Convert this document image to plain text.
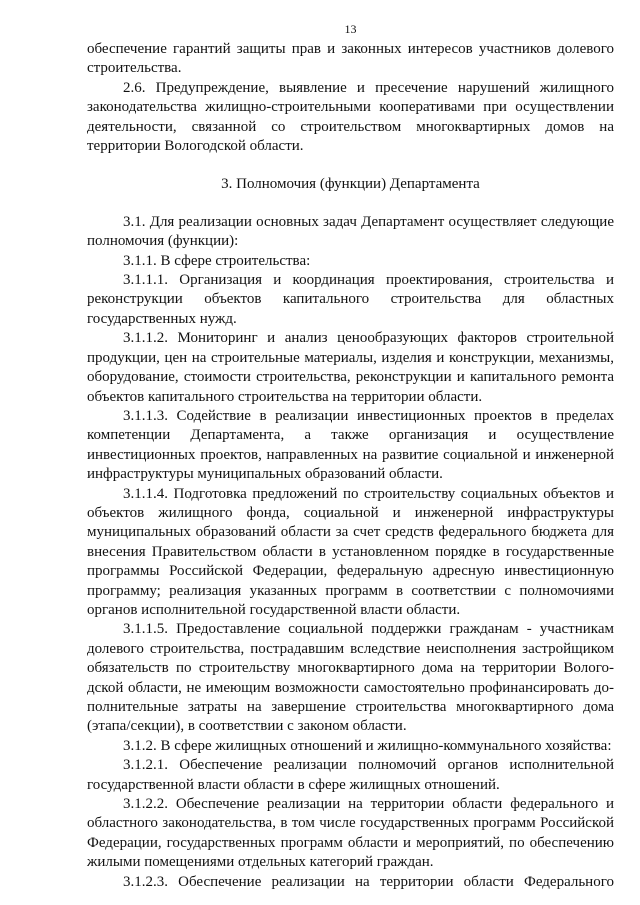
13

обеспечение гарантий защиты прав и законных интересов участников долевого строительства.

2.6. Предупреждение, выявление и пресечение нарушений жилищного законодательства жилищно-строительными кооперативами при осуществлении деятельности, связанной со строительством многоквартирных домов на территории Вологодской области.

3. Полномочия (функции) Департамента

3.1. Для реализации основных задач Департамент осуществляет следующие полномочия (функции):

3.1.1. В сфере строительства:

3.1.1.1. Организация и координация проектирования, строительства и реконструкции объектов капитального строительства для областных государственных нужд.

3.1.1.2. Мониторинг и анализ ценообразующих факторов строительной продукции, цен на строительные материалы, изделия и конструкции, механизмы, оборудование, стоимости строительства, реконструкции и капитального ремонта объектов капитального строительства на территории области.

3.1.1.3. Содействие в реализации инвестиционных проектов в пределах компетенции Департамента, а также организация и осуществление инвестиционных проектов, направленных на развитие социальной и инженерной инфраструктуры муниципальных образований области.

3.1.1.4. Подготовка предложений по строительству социальных объектов и объектов жилищного фонда, социальной и инженерной инфраструктуры муниципальных образований области за счет средств федерального бюджета для внесения Правительством области в установленном порядке в государственные программы Российской Федерации, федеральную адресную инвестиционную программу; реализация указанных программ в соответствии с полномочиями органов исполнительной государственной власти области.

3.1.1.5. Предоставление социальной поддержки гражданам - участникам долевого строительства, пострадавшим вследствие неисполнения застройщиком обязательств по строительству многоквартирного дома на территории Вологодской области, не имеющим возможности самостоятельно профинансировать дополнительные затраты на завершение строительства многоквартирного дома (этапа/секции), в соответствии с законом области.

3.1.2. В сфере жилищных отношений и жилищно-коммунального хозяйства:

3.1.2.1. Обеспечение реализации полномочий органов исполнительной государственной власти области в сфере жилищных отношений.

3.1.2.2. Обеспечение реализации на территории области федерального и областного законодательства, в том числе государственных программ Российской Федерации, государственных программ области и мероприятий, по обеспечению жилыми помещениями отдельных категорий граждан.

3.1.2.3. Обеспечение реализации на территории области Федерального
